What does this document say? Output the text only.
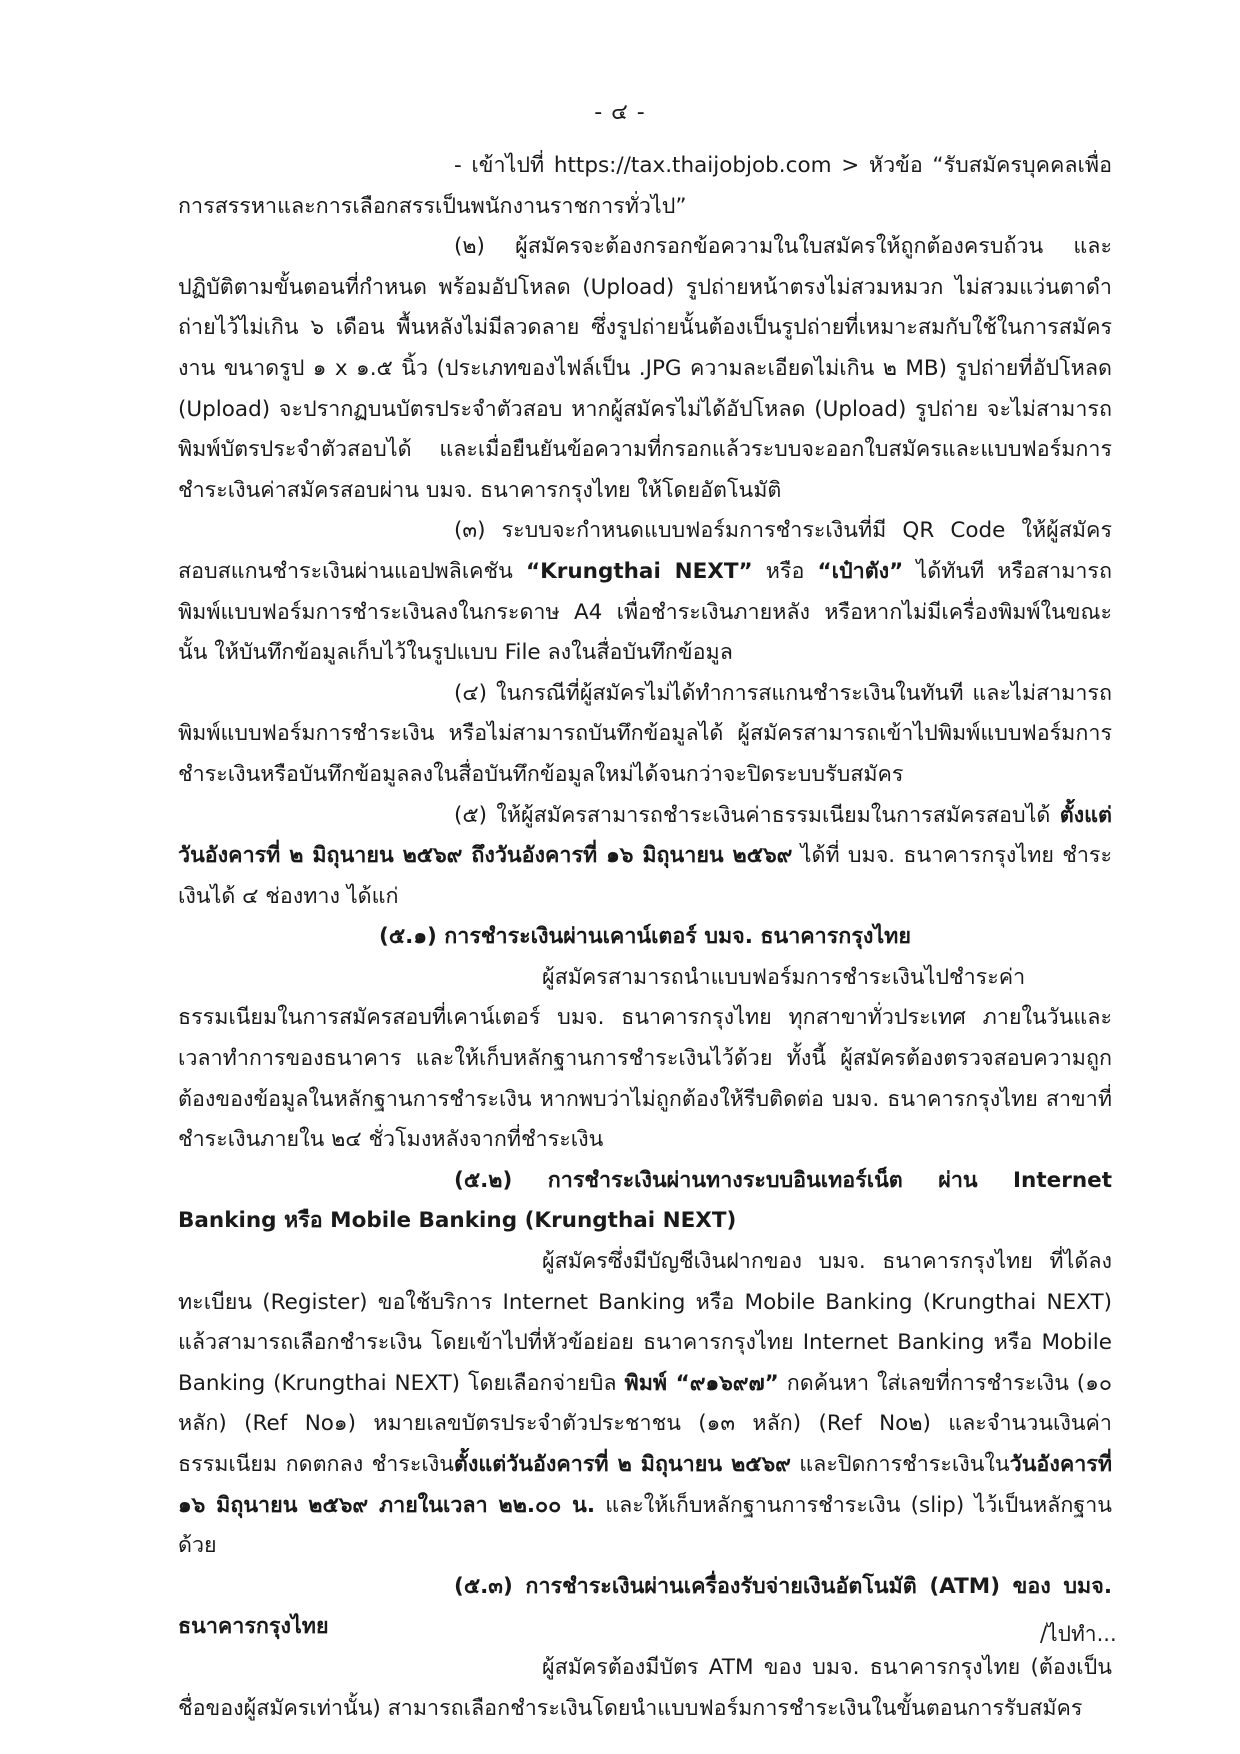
- ๔ -

- เข้าไปที่ https://tax.thaijobjob.com > หัวข้อ “รับสมัครบุคคลเพื่อการสรรหาและการเลือกสรรเป็นพนักงานราชการทั่วไป”

(๒) ผู้สมัครจะต้องกรอกข้อความในใบสมัครให้ถูกต้องครบถ้วน และปฏิบัติตามขั้นตอนที่กำหนด พร้อมอัปโหลด (Upload) รูปถ่ายหน้าตรงไม่สวมหมวก ไม่สวมแว่นตาดำ ถ่ายไว้ไม่เกิน ๖ เดือน พื้นหลังไม่มีลวดลาย ซึ่งรูปถ่ายนั้นต้องเป็นรูปถ่ายที่เหมาะสมกับใช้ในการสมัครงาน ขนาดรูป ๑ x ๑.๕ นิ้ว (ประเภทของไฟล์เป็น .JPG ความละเอียดไม่เกิน ๒ MB) รูปถ่ายที่อัปโหลด (Upload) จะปรากฏบนบัตรประจำตัวสอบ หากผู้สมัครไม่ได้อัปโหลด (Upload) รูปถ่าย จะไม่สามารถพิมพ์บัตรประจำตัวสอบได้ และเมื่อยืนยันข้อความที่กรอกแล้วระบบจะออกใบสมัครและแบบฟอร์มการชำระเงินค่าสมัครสอบผ่าน บมจ. ธนาคารกรุงไทย ให้โดยอัตโนมัติ

(๓) ระบบจะกำหนดแบบฟอร์มการชำระเงินที่มี QR Code ให้ผู้สมัครสอบสแกนชำระเงินผ่านแอปพลิเคชัน “Krungthai NEXT” หรือ “เป๋าตัง” ได้ทันที หรือสามารถพิมพ์แบบฟอร์มการชำระเงินลงในกระดาษ A4 เพื่อชำระเงินภายหลัง หรือหากไม่มีเครื่องพิมพ์ในขณะนั้น ให้บันทึกข้อมูลเก็บไว้ในรูปแบบ File ลงในสื่อบันทึกข้อมูล

(๔) ในกรณีที่ผู้สมัครไม่ได้ทำการสแกนชำระเงินในทันที และไม่สามารถพิมพ์แบบฟอร์มการชำระเงิน หรือไม่สามารถบันทึกข้อมูลได้ ผู้สมัครสามารถเข้าไปพิมพ์แบบฟอร์มการชำระเงินหรือบันทึกข้อมูลลงในสื่อบันทึกข้อมูลใหม่ได้จนกว่าจะปิดระบบรับสมัคร

(๕) ให้ผู้สมัครสามารถชำระเงินค่าธรรมเนียมในการสมัครสอบได้ ตั้งแต่วันอังคารที่ ๒ มิถุนายน ๒๕๖๙ ถึงวันอังคารที่ ๑๖ มิถุนายน ๒๕๖๙ ได้ที่ บมจ. ธนาคารกรุงไทย ชำระเงินได้ ๔ ช่องทาง ได้แก่

(๕.๑) การชำระเงินผ่านเคาน์เตอร์ บมจ. ธนาคารกรุงไทย

ผู้สมัครสามารถนำแบบฟอร์มการชำระเงินไปชำระค่าธรรมเนียมในการสมัครสอบที่เคาน์เตอร์ บมจ. ธนาคารกรุงไทย ทุกสาขาทั่วประเทศ ภายในวันและเวลาทำการของธนาคาร และให้เก็บหลักฐานการชำระเงินไว้ด้วย ทั้งนี้ ผู้สมัครต้องตรวจสอบความถูกต้องของข้อมูลในหลักฐานการชำระเงิน หากพบว่าไม่ถูกต้องให้รีบติดต่อ บมจ. ธนาคารกรุงไทย สาขาที่ชำระเงินภายใน ๒๔ ชั่วโมงหลังจากที่ชำระเงิน

(๕.๒) การชำระเงินผ่านทางระบบอินเทอร์เน็ต ผ่าน Internet Banking หรือ Mobile Banking (Krungthai NEXT)

ผู้สมัครซึ่งมีบัญชีเงินฝากของ บมจ. ธนาคารกรุงไทย ที่ได้ลงทะเบียน (Register) ขอใช้บริการ Internet Banking หรือ Mobile Banking (Krungthai NEXT) แล้วสามารถเลือกชำระเงิน โดยเข้าไปที่หัวข้อย่อย ธนาคารกรุงไทย Internet Banking หรือ Mobile Banking (Krungthai NEXT) โดยเลือกจ่ายบิล พิมพ์ “๙๑๖๙๗” กดค้นหา ใส่เลขที่การชำระเงิน (๑๐ หลัก) (Ref No๑) หมายเลขบัตรประจำตัวประชาชน (๑๓ หลัก) (Ref No๒) และจำนวนเงินค่าธรรมเนียม กดตกลง ชำระเงินตั้งแต่วันอังคารที่ ๒ มิถุนายน ๒๕๖๙ และปิดการชำระเงินในวันอังคารที่ ๑๖ มิถุนายน ๒๕๖๙ ภายในเวลา ๒๒.๐๐ น. และให้เก็บหลักฐานการชำระเงิน (slip) ไว้เป็นหลักฐานด้วย

(๕.๓) การชำระเงินผ่านเครื่องรับจ่ายเงินอัตโนมัติ (ATM) ของ บมจ. ธนาคารกรุงไทย

ผู้สมัครต้องมีบัตร ATM ของ บมจ. ธนาคารกรุงไทย (ต้องเป็นชื่อของผู้สมัครเท่านั้น) สามารถเลือกชำระเงินโดยนำแบบฟอร์มการชำระเงินในขั้นตอนการรับสมัคร

/ไปทำ...
